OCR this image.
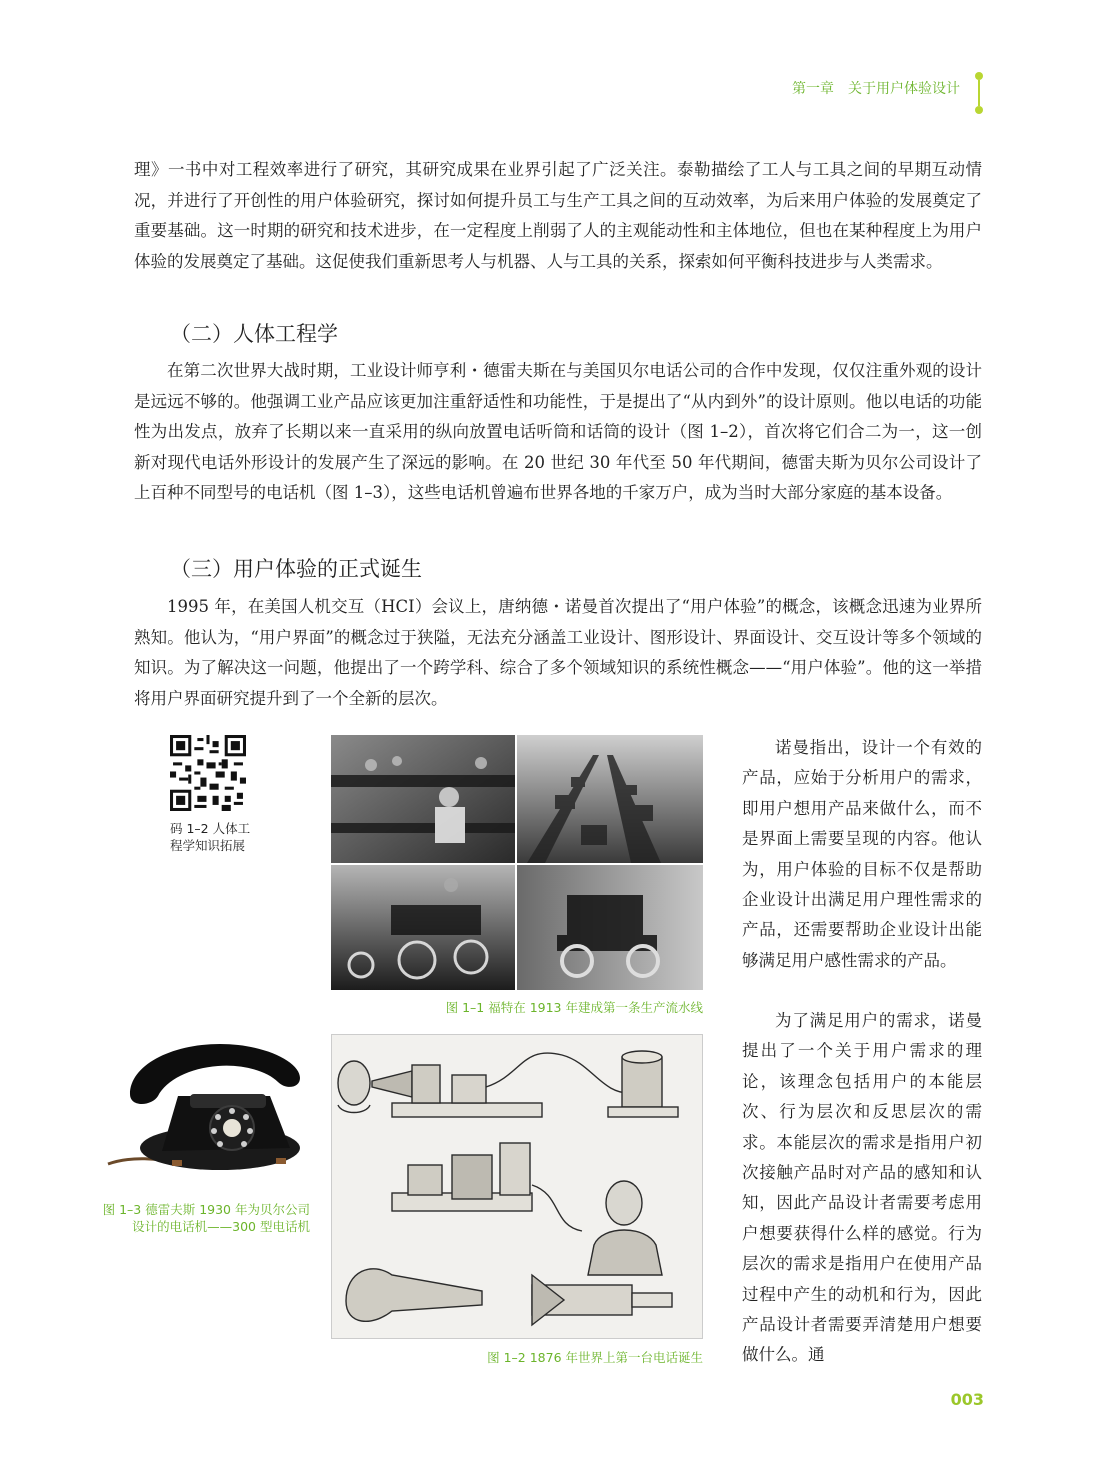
第一章　关于用户体验设计

理》一书中对工程效率进行了研究，其研究成果在业界引起了广泛关注。泰勒描绘了工人与工具之间的早期互动情况，并进行了开创性的用户体验研究，探讨如何提升员工与生产工具之间的互动效率，为后来用户体验的发展奠定了重要基础。这一时期的研究和技术进步，在一定程度上削弱了人的主观能动性和主体地位，但也在某种程度上为用户体验的发展奠定了基础。这促使我们重新思考人与机器、人与工具的关系，探索如何平衡科技进步与人类需求。

（二）人体工程学

在第二次世界大战时期，工业设计师亨利・德雷夫斯在与美国贝尔电话公司的合作中发现，仅仅注重外观的设计是远远不够的。他强调工业产品应该更加注重舒适性和功能性，于是提出了“从内到外”的设计原则。他以电话的功能性为出发点，放弃了长期以来一直采用的纵向放置电话听筒和话筒的设计（图 1–2），首次将它们合二为一，这一创新对现代电话外形设计的发展产生了深远的影响。在 20 世纪 30 年代至 50 年代期间，德雷夫斯为贝尔公司设计了上百种不同型号的电话机（图 1–3），这些电话机曾遍布世界各地的千家万户，成为当时大部分家庭的基本设备。

（三）用户体验的正式诞生

1995 年，在美国人机交互（HCI）会议上，唐纳德・诺曼首次提出了“用户体验”的概念，该概念迅速为业界所熟知。他认为，“用户界面”的概念过于狭隘，无法充分涵盖工业设计、图形设计、界面设计、交互设计等多个领域的知识。为了解决这一问题，他提出了一个跨学科、综合了多个领域知识的系统性概念——“用户体验”。他的这一举措将用户界面研究提升到了一个全新的层次。

码 1–2 人体工程学知识拓展
图 1–1 福特在 1913 年建成第一条生产流水线
图 1–3 德雷夫斯 1930 年为贝尔公司设计的电话机——300 型电话机
图 1–2 1876 年世界上第一台电话诞生

诺曼指出，设计一个有效的产品，应始于分析用户的需求，即用户想用产品来做什么，而不是界面上需要呈现的内容。他认为，用户体验的目标不仅是帮助企业设计出满足用户理性需求的产品，还需要帮助企业设计出能够满足用户感性需求的产品。

为了满足用户的需求，诺曼提出了一个关于用户需求的理论，该理念包括用户的本能层次、行为层次和反思层次的需求。本能层次的需求是指用户初次接触产品时对产品的感知和认知，因此产品设计者需要考虑用户想要获得什么样的感觉。行为层次的需求是指用户在使用产品过程中产生的动机和行为，因此产品设计者需要弄清楚用户想要做什么。通

003
